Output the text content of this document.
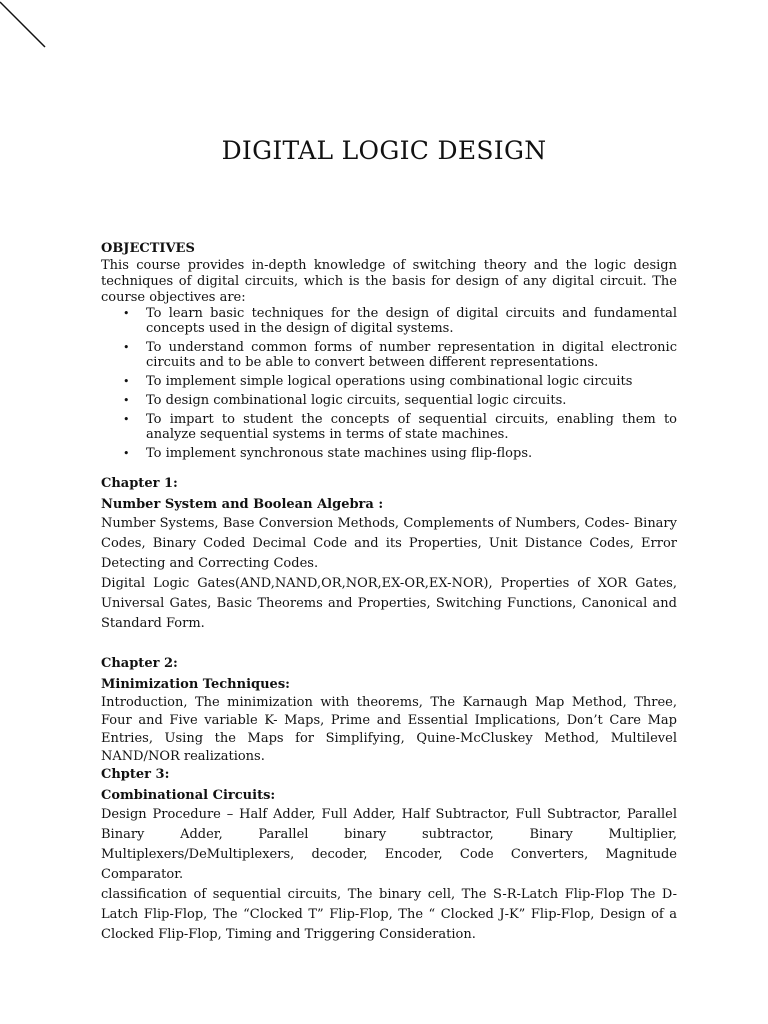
DIGITAL LOGIC DESIGN
OBJECTIVES
This course provides in-depth knowledge of switching theory and the logic design techniques of digital circuits, which is the basis for design of any digital circuit. The course objectives are:
• To learn basic techniques for the design of digital circuits and fundamental concepts used in the design of digital systems.
• To understand common forms of number representation in digital electronic circuits and to be able to convert between different representations.
• To implement simple logical operations using combinational logic circuits
• To design combinational logic circuits, sequential logic circuits.
• To impart to student the concepts of sequential circuits, enabling them to analyze sequential systems in terms of state machines.
• To implement synchronous state machines using flip-flops.
Chapter 1:
Number System and Boolean Algebra :
Number Systems, Base Conversion Methods, Complements of Numbers, Codes- Binary Codes, Binary Coded Decimal Code and its Properties, Unit Distance Codes, Error Detecting and Correcting Codes.
Digital Logic Gates(AND,NAND,OR,NOR,EX-OR,EX-NOR), Properties of XOR Gates, Universal Gates, Basic Theorems and Properties, Switching Functions, Canonical and Standard Form.
Chapter 2:
Minimization Techniques:
Introduction, The minimization with theorems, The Karnaugh Map Method, Three, Four and Five variable K- Maps, Prime and Essential Implications, Don’t Care Map Entries, Using the Maps for Simplifying, Quine-McCluskey Method, Multilevel NAND/NOR realizations.
Chpter 3:
Combinational Circuits:
Design Procedure – Half Adder, Full Adder, Half Subtractor, Full Subtractor, Parallel Binary Adder, Parallel binary subtractor, Binary Multiplier, Multiplexers/DeMultiplexers, decoder, Encoder, Code Converters, Magnitude Comparator.
classification of sequential circuits, The binary cell, The S-R-Latch Flip-Flop The D-Latch Flip-Flop, The “Clocked T” Flip-Flop, The “ Clocked J-K” Flip-Flop, Design of a Clocked Flip-Flop, Timing and Triggering Consideration.
